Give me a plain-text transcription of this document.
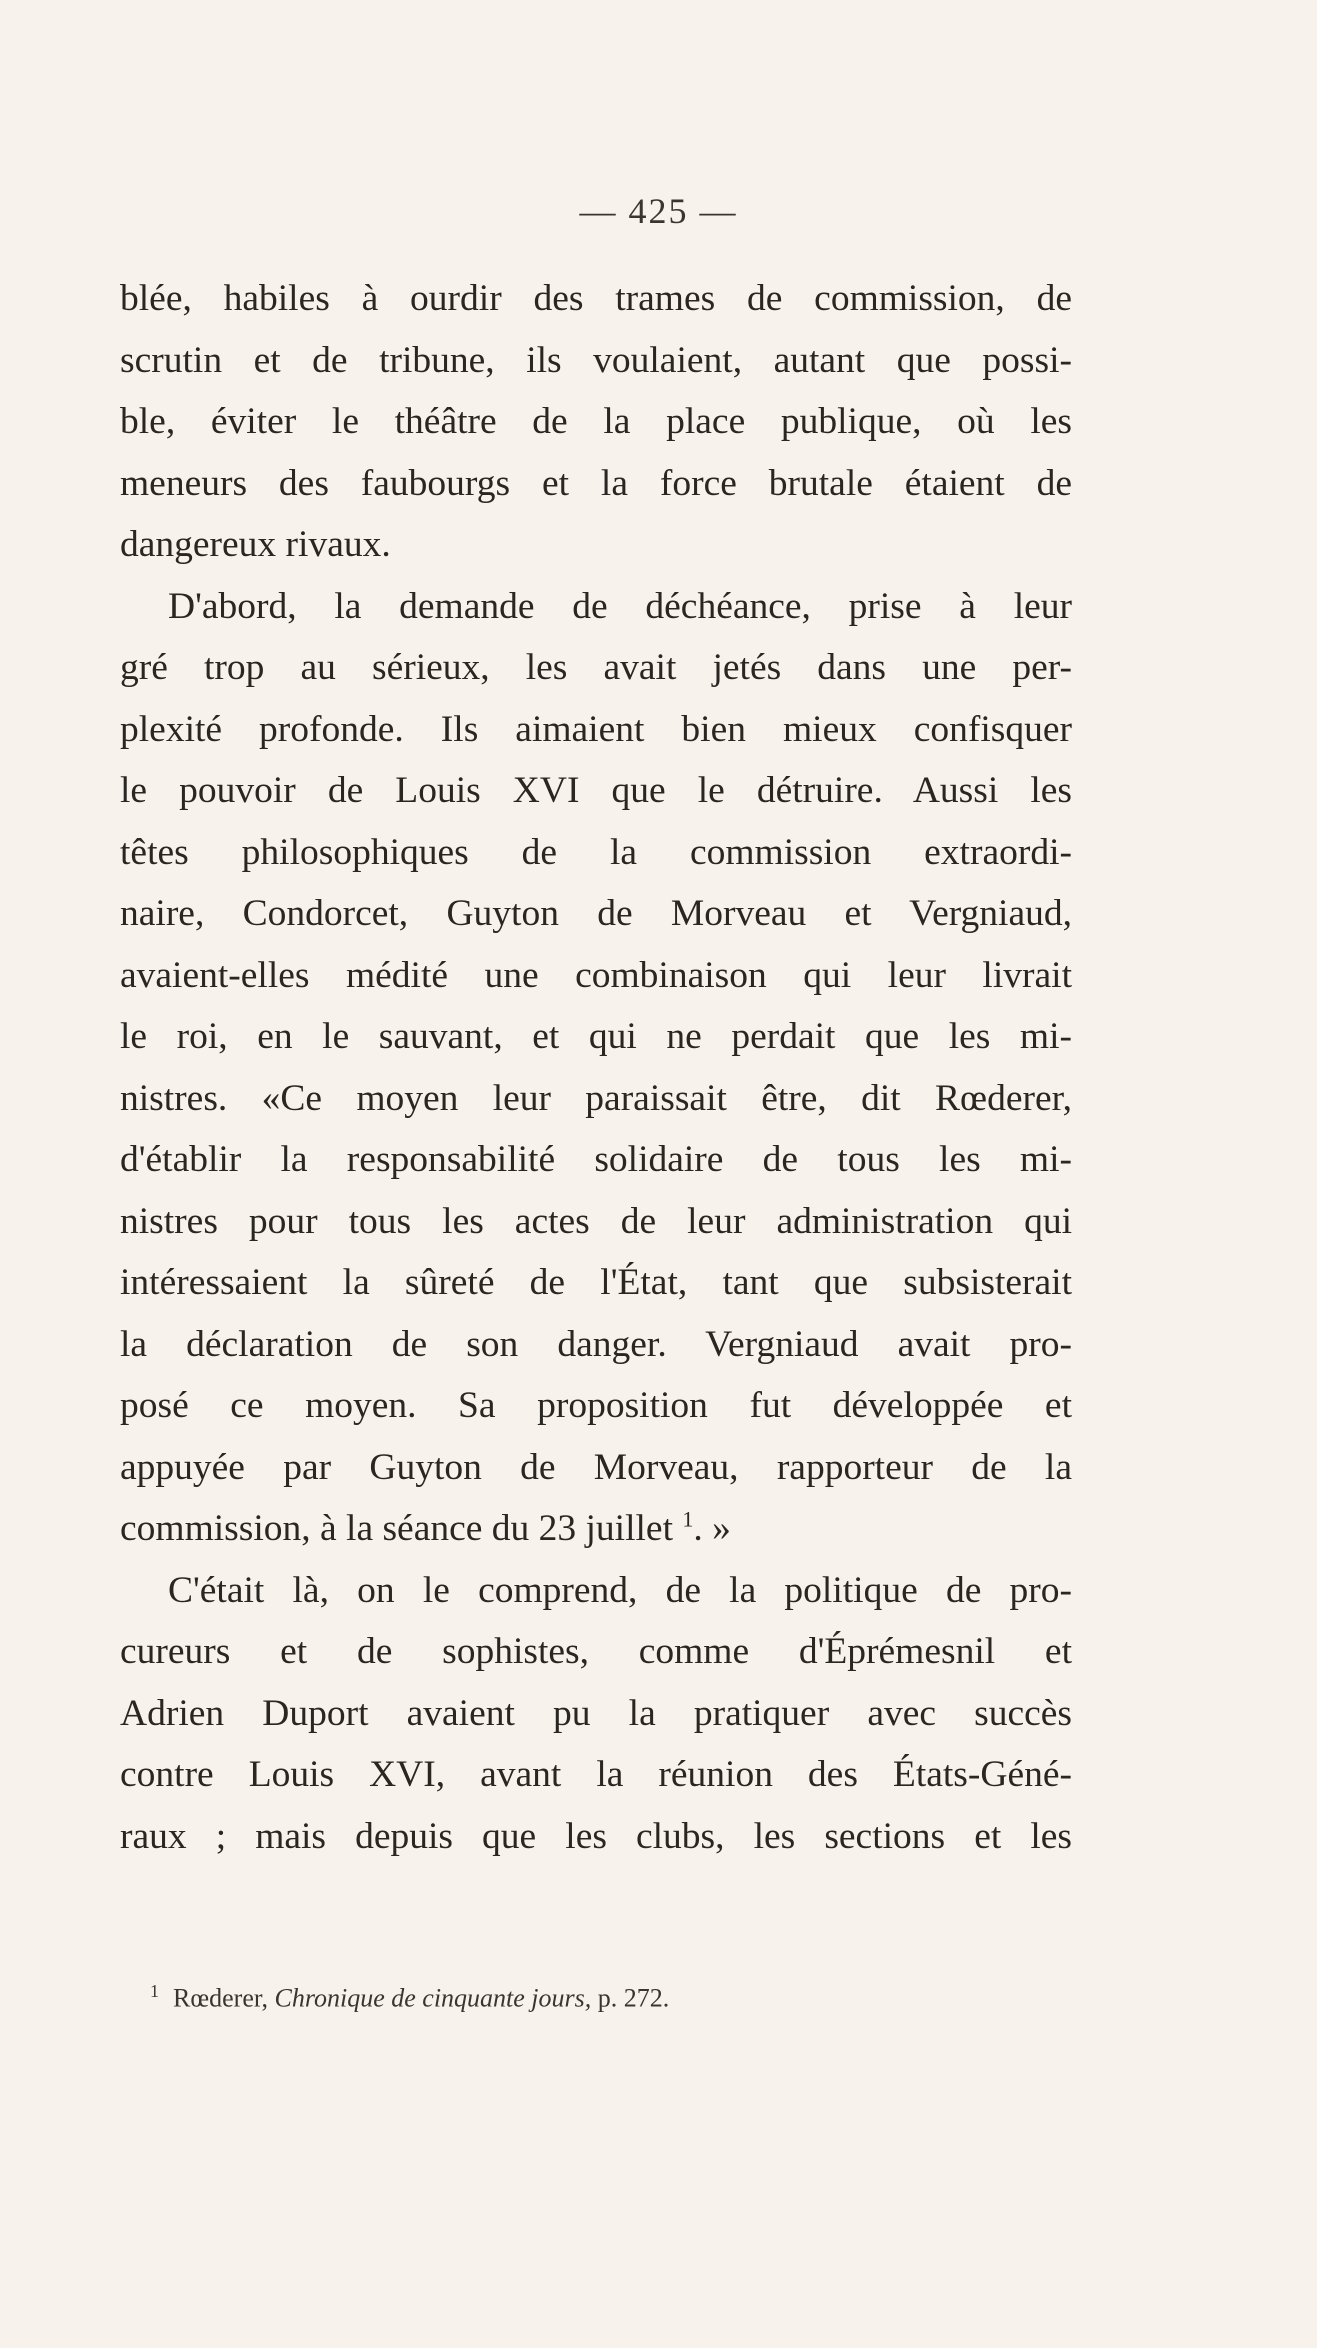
— 425 —
blée, habiles à ourdir des trames de commission, de
scrutin et de tribune, ils voulaient, autant que possi-
ble, éviter le théâtre de la place publique, où les
meneurs des faubourgs et la force brutale étaient de
dangereux rivaux.
D'abord, la demande de déchéance, prise à leur
gré trop au sérieux, les avait jetés dans une per-
plexité profonde. Ils aimaient bien mieux confisquer
le pouvoir de Louis XVI que le détruire. Aussi les
têtes philosophiques de la commission extraordi-
naire, Condorcet, Guyton de Morveau et Vergniaud,
avaient-elles médité une combinaison qui leur livrait
le roi, en le sauvant, et qui ne perdait que les mi-
nistres. «Ce moyen leur paraissait être, dit Rœderer,
d'établir la responsabilité solidaire de tous les mi-
nistres pour tous les actes de leur administration qui
intéressaient la sûreté de l'État, tant que subsisterait
la déclaration de son danger. Vergniaud avait pro-
posé ce moyen. Sa proposition fut développée et
appuyée par Guyton de Morveau, rapporteur de la
commission, à la séance du 23 juillet $^1$. »
C'était là, on le comprend, de la politique de pro-
cureurs et de sophistes, comme d'Éprémesnil et
Adrien Duport avaient pu la pratiquer avec succès
contre Louis XVI, avant la réunion des États-Géné-
raux ; mais depuis que les clubs, les sections et les
$^1$ Rœderer, Chronique de cinquante jours, p. 272.
